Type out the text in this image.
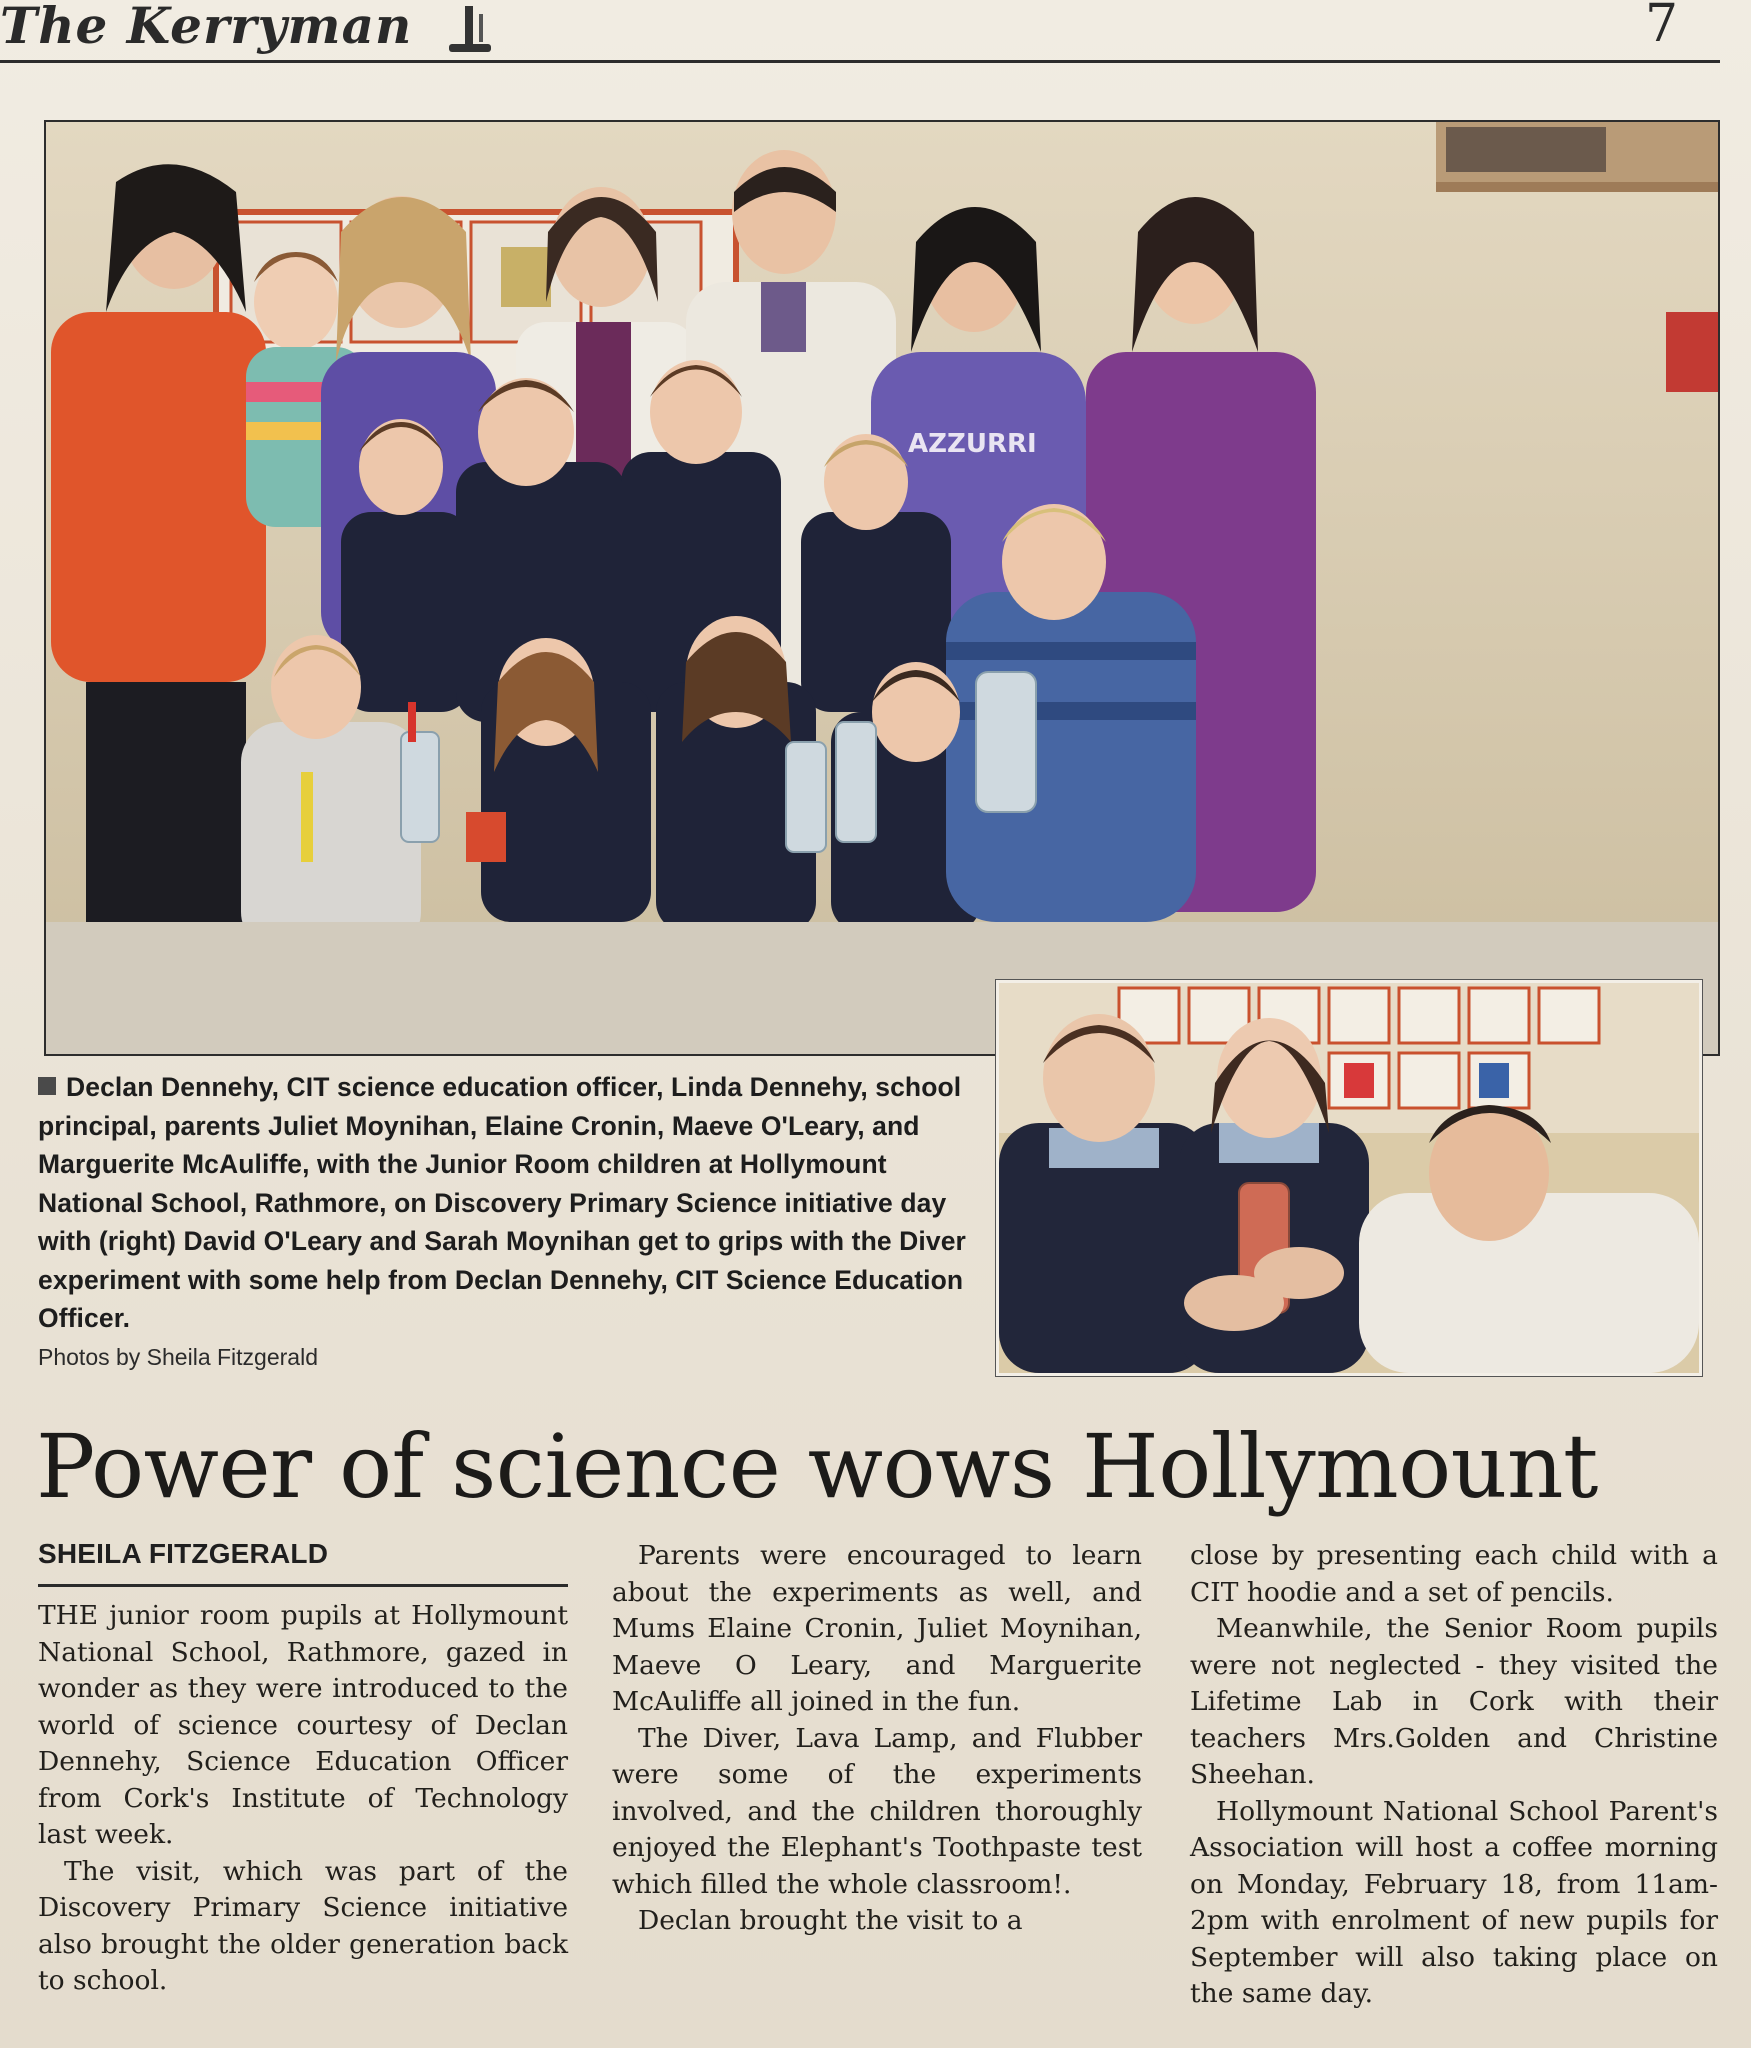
The Kerryman	7
AZZURRI
Declan Dennehy, CIT science education officer, Linda Dennehy, school principal, parents Juliet Moynihan, Elaine Cronin, Maeve O'Leary, and Marguerite McAuliffe, with the Junior Room children at Hollymount National School, Rathmore, on Discovery Primary Science initiative day with (right) David O'Leary and Sarah Moynihan get to grips with the Diver experiment with some help from Declan Dennehy, CIT Science Education Officer.
Photos by Sheila Fitzgerald
Power of science wows Hollymount
SHEILA FITZGERALD

THE junior room pupils at Hollymount National School, Rathmore, gazed in wonder as they were introduced to the world of science courtesy of Declan Dennehy, Science Education Officer from Cork's Institute of Technology last week.

The visit, which was part of the Discovery Primary Science initiative also brought the older generation back to school.

Parents were encouraged to learn about the experiments as well, and Mums Elaine Cronin, Juliet Moynihan, Maeve O Leary, and Marguerite McAuliffe all joined in the fun.

The Diver, Lava Lamp, and Flubber were some of the experiments involved, and the children thoroughly enjoyed the Elephant's Toothpaste test which filled the whole classroom!.

Declan brought the visit to a

close by presenting each child with a CIT hoodie and a set of pencils.

Meanwhile, the Senior Room pupils were not neglected - they visited the Lifetime Lab in Cork with their teachers Mrs.Golden and Christine Sheehan.

Hollymount National School Parent's Association will host a coffee morning on Monday, February 18, from 11am-2pm with enrolment of new pupils for September will also taking place on the same day.
